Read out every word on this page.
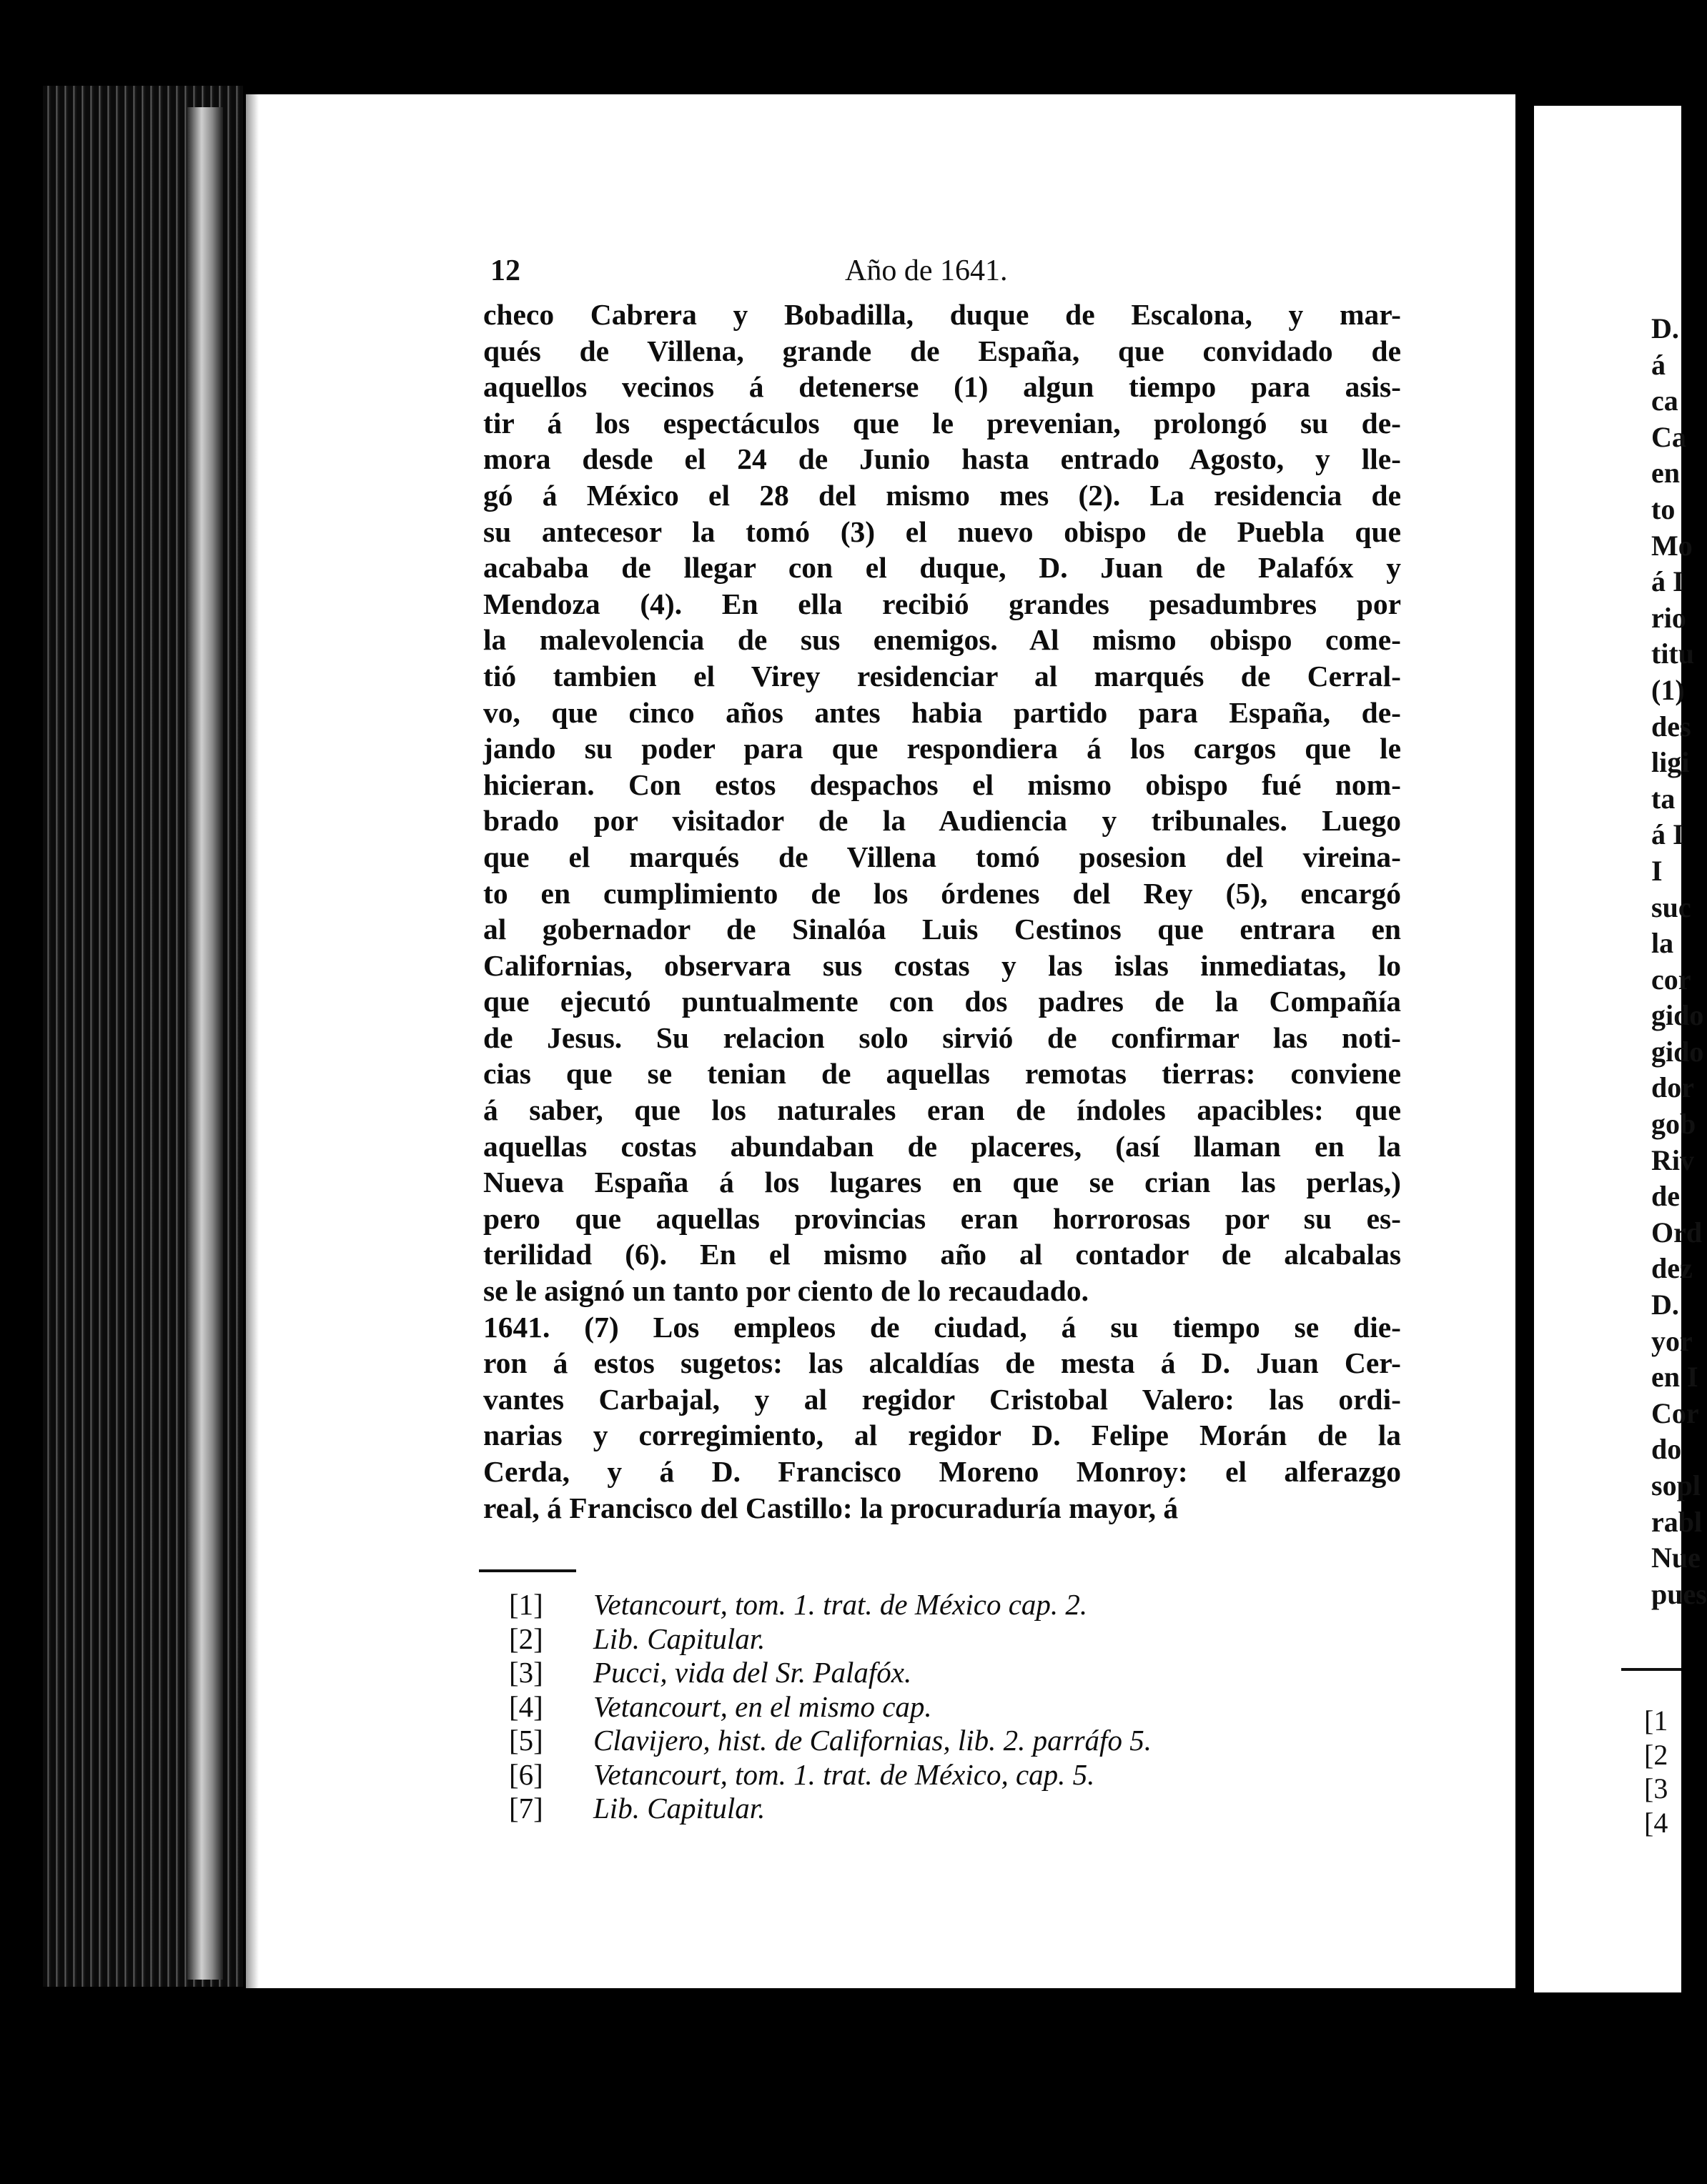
12	Año de 1641.
checo Cabrera y Bobadilla, duque de Escalona, y mar-
qués de Villena, grande de España, que convidado de
aquellos vecinos á detenerse (1) algun tiempo para asis-
tir á los espectáculos que le prevenian, prolongó su de-
mora desde el 24 de Junio hasta entrado Agosto, y lle-
gó á México el 28 del mismo mes (2). La residencia de
su antecesor la tomó (3) el nuevo obispo de Puebla que
acababa de llegar con el duque, D. Juan de Palafóx y
Mendoza (4). En ella recibió grandes pesadumbres por
la malevolencia de sus enemigos. Al mismo obispo come-
tió tambien el Virey residenciar al marqués de Cerral-
vo, que cinco años antes habia partido para España, de-
jando su poder para que respondiera á los cargos que le
hicieran. Con estos despachos el mismo obispo fué nom-
brado por visitador de la Audiencia y tribunales. Luego
que el marqués de Villena tomó posesion del vireina-
to en cumplimiento de los órdenes del Rey (5), encargó
al gobernador de Sinalóa Luis Cestinos que entrara en
Californias, observara sus costas y las islas inmediatas, lo
que ejecutó puntualmente con dos padres de la Compañía
de Jesus. Su relacion solo sirvió de confirmar las noti-
cias que se tenian de aquellas remotas tierras: conviene
á saber, que los naturales eran de índoles apacibles: que
aquellas costas abundaban de placeres, (así llaman en la
Nueva España á los lugares en que se crian las perlas,)
pero que aquellas provincias eran horrorosas por su es-
terilidad (6). En el mismo año al contador de alcabalas
se le asignó un tanto por ciento de lo recaudado.
1641. (7) Los empleos de ciudad, á su tiempo se die-
ron á estos sugetos: las alcaldías de mesta á D. Juan Cer-
vantes Carbajal, y al regidor Cristobal Valero: las ordi-
narias y corregimiento, al regidor D. Felipe Morán de la
Cerda, y á D. Francisco Moreno Monroy: el alferazgo
real, á Francisco del Castillo: la procuraduría mayor, á
[1] Vetancourt, tom. 1. trat. de México cap. 2.
[2] Lib. Capitular.
[3] Pucci, vida del Sr. Palafóx.
[4] Vetancourt, en el mismo cap.
[5] Clavijero, hist. de Californias, lib. 2. parráfo 5.
[6] Vetancourt, tom. 1. trat. de México, cap. 5.
[7] Lib. Capitular.
D.
á
ca
Ca
en
to
Mo
á I
rio
titu
(1)
des
ligi
ta
á I
I
suc
la
cor
gido
gido
dor
gob
Riv
de
Ord
dez
D.
yor
en I
Cor
do
sopl
rabl
Nue
pues
[1
[2
[3
[4
